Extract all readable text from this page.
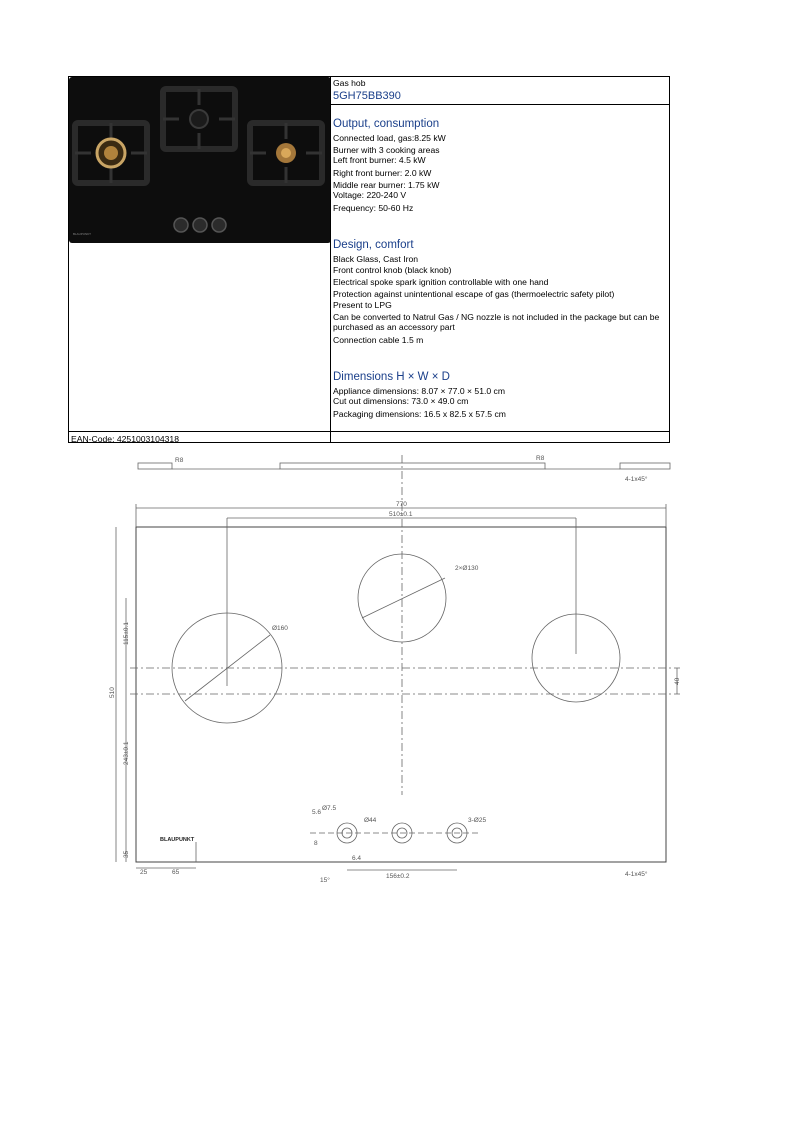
BLAUPUNKT
Gas hob
5GH75BB390
Output, consumption
Connected load, gas:8.25 kW
Burner with 3 cooking areas
Left front burner: 4.5 kW
Right front burner: 2.0 kW
Middle rear burner: 1.75 kW
Voltage: 220-240 V
Frequency: 50-60 Hz
Design, comfort
Black Glass, Cast Iron
Front control knob (black knob)
Electrical spoke spark ignition controllable with one hand
Protection against unintentional escape of gas (thermoelectric safety pilot)
Present to LPG
Can be converted to Natrul Gas / NG nozzle is not included in the package but can be purchased as an accessory part
Connection cable 1.5 m
Dimensions H × W × D
Appliance dimensions: 8.07 × 77.0 × 51.0 cm
Cut out dimensions: 73.0 × 49.0 cm
Packaging dimensions: 16.5 x 82.5 x 57.5 cm
EAN-Code: 4251003104318
R8	R8
4-1x45°
770
510±0.1
2×Ø130
Ø160
115±0.1
510
243±0.1
40
Ø7.5
Ø44	3-Ø25
156±0.2
35
25	65
15°
4-1x45°
5.6
6.4
8
BLAUPUNKT
